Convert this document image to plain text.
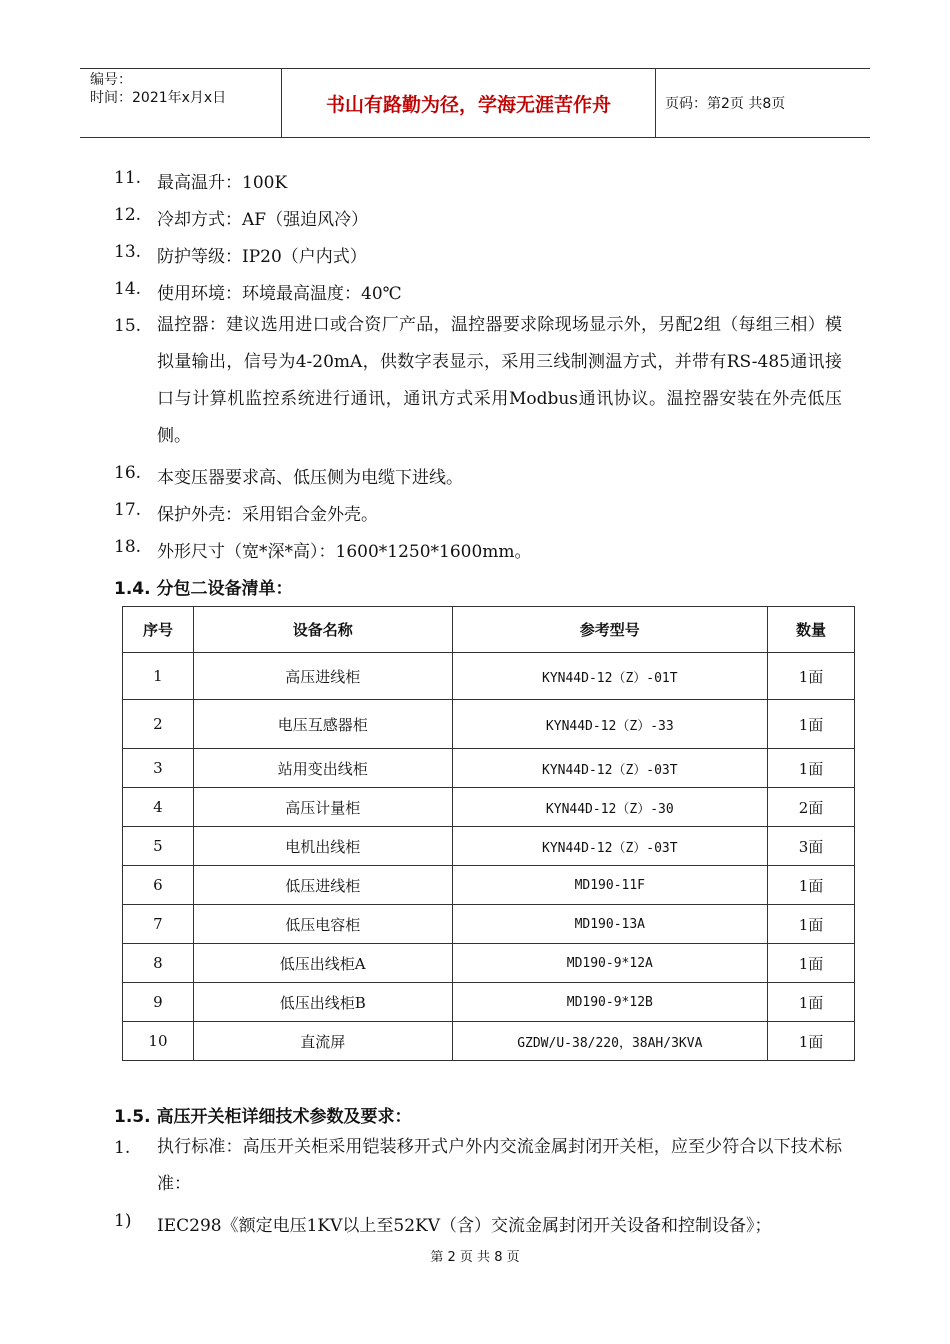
编号：
时间：2021年x月x日	书山有路勤为径，学海无涯苦作舟	页码：第2页 共8页
11. 最高温升：100K
12. 冷却方式：AF（强迫风冷）
13. 防护等级：IP20（户内式）
14. 使用环境：环境最高温度：40℃
15. 温控器：建议选用进口或合资厂产品，温控器要求除现场显示外，另配2组（每组三相）模拟量输出，信号为4-20mA，供数字表显示，采用三线制测温方式，并带有RS-485通讯接口与计算机监控系统进行通讯，通讯方式采用Modbus通讯协议。温控器安装在外壳低压侧。
16. 本变压器要求高、低压侧为电缆下进线。
17. 保护外壳：采用铝合金外壳。
18. 外形尺寸（宽*深*高）：1600*1250*1600mm。
1.4. 分包二设备清单：
序号	设备名称	参考型号	数量
1	高压进线柜	KYN44D-12（Z）-01T	1面
2	电压互感器柜	KYN44D-12（Z）-33	1面
3	站用变出线柜	KYN44D-12（Z）-03T	1面
4	高压计量柜	KYN44D-12（Z）-30	2面
5	电机出线柜	KYN44D-12（Z）-03T	3面
6	低压进线柜	MD190-11F	1面
7	低压电容柜	MD190-13A	1面
8	低压出线柜A	MD190-9*12A	1面
9	低压出线柜B	MD190-9*12B	1面
10	直流屏	GZDW/U-38/220，38AH/3KVA	1面
1.5. 高压开关柜详细技术参数及要求：
1. 执行标准：高压开关柜采用铠装移开式户外内交流金属封闭开关柜，应至少符合以下技术标准：
1) IEC298《额定电压1KV以上至52KV（含）交流金属封闭开关设备和控制设备》；
第 2 页 共 8 页
